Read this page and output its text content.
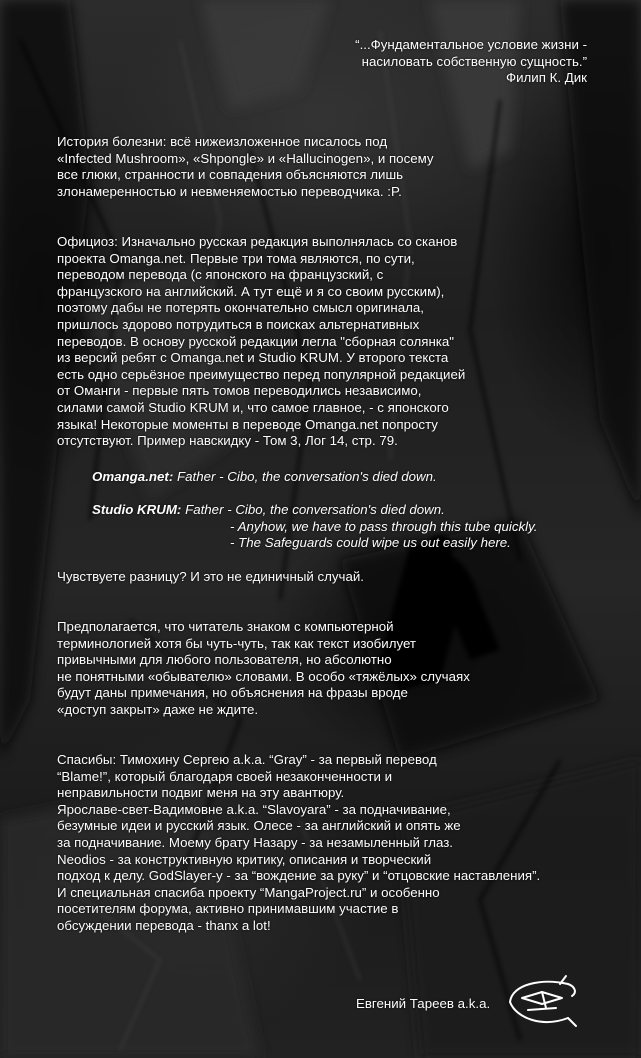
“...Фундаментальное условие жизни -
насиловать собственную сущность.”
Филип К. Дик
История болезни: всё нижеизложенное писалось под
«Infected Mushroom», «Shpongle» и «Hallucinogen», и посему
все глюки, странности и совпадения объясняются лишь
злонамеренностью и невменяемостью переводчика. :P.
Официоз: Изначально русская редакция выполнялась со сканов
проекта Omanga.net. Первые три тома являются, по сути,
переводом перевода (с японского на французский, с
французского на английский. А тут ещё и я со своим русским),
поэтому дабы не потерять окончательно смысл оригинала,
пришлось здорово потрудиться в поисках альтернативных
переводов. В основу русской редакции легла "сборная солянка"
из версий ребят с Omanga.net и Studio KRUM. У второго текста
есть одно серьёзное преимущество перед популярной редакцией
от Оманги - первые пять томов переводились независимо,
силами самой Studio KRUM и, что самое главное, - с японского
языка! Некоторые моменты в переводе Omanga.net попросту
отсутствуют. Пример навскидку - Том 3, Лог 14, стр. 79.
Omanga.net: Father - Cibo, the conversation's died down.
Studio KRUM: Father - Cibo, the conversation's died down.
- Anyhow, we have to pass through this tube quickly.
- The Safeguards could wipe us out easily here.
Чувствуете разницу? И это не единичный случай.
Предполагается, что читатель знаком с компьютерной
терминологией хотя бы чуть-чуть, так как текст изобилует
привычными для любого пользователя, но абсолютно
не понятными «обывателю» словами. В особо «тяжёлых» случаях
будут даны примечания, но объяснения на фразы вроде
«доступ закрыт» даже не ждите.
Спасибы: Тимохину Сергею a.k.a. “Gray” - за первый перевод
“Blame!”, который благодаря своей незаконченности и
неправильности подвиг меня на эту авантюру.
Ярославе-свет-Вадимовне a.k.a. “Slavoyara” - за подначивание,
безумные идеи и русский язык. Олесе - за английский и опять же
за подначивание. Моему брату Назару - за незамыленный глаз.
Neodios - за конструктивную критику, описания и творческий
подход к делу. GodSlayer-у - за “вождение за руку” и “отцовские наставления”.
И специальная спасиба проекту “MangaProject.ru” и особенно
посетителям форума, активно принимавшим участие в
обсуждении перевода - thanx a lot!
Евгений Тареев a.k.a.
